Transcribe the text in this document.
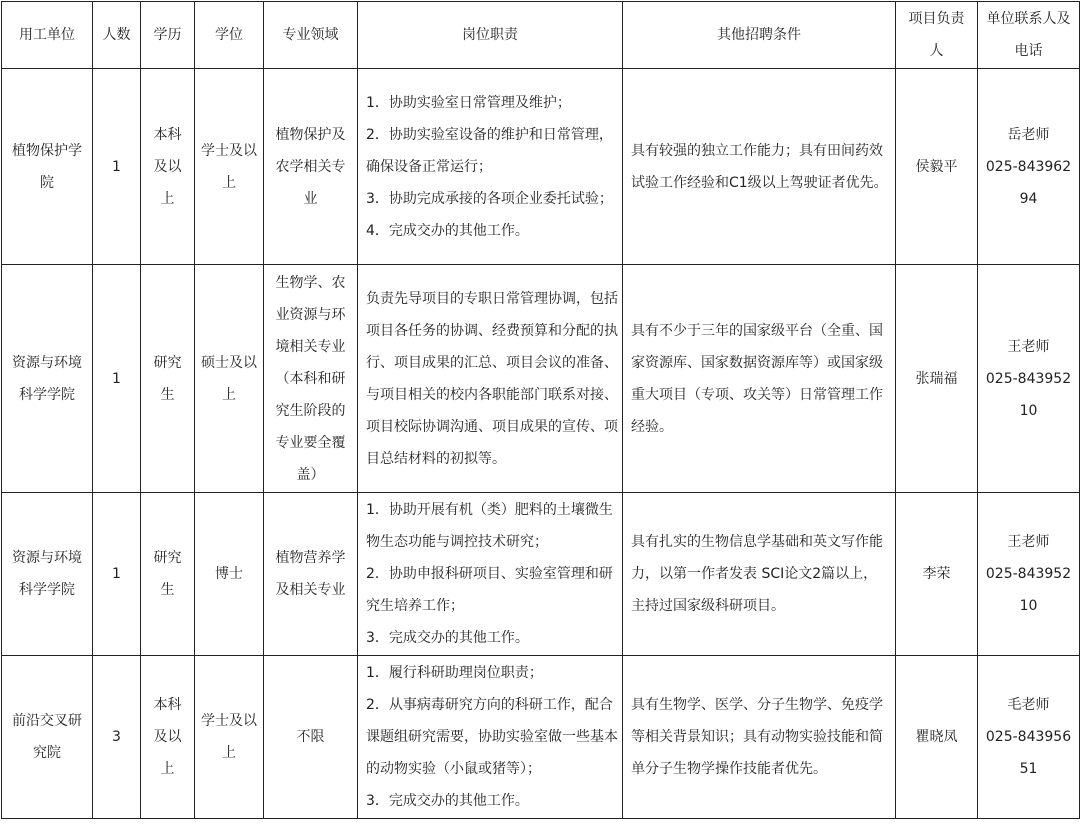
用工单位	人数	学历	学位	专业领域	岗位职责	其他招聘条件	项目负责人	单位联系人及电话
植物保护学院	1	本科及以上	学士及以上	植物保护及农学相关专业	1．协助实验室日常管理及维护；
2．协助实验室设备的维护和日常管理，确保设备正常运行；
3．协助完成承接的各项企业委托试验；
4．完成交办的其他工作。	具有较强的独立工作能力；具有田间药效试验工作经验和C1级以上驾驶证者优先。	侯毅平	岳老师
025-84396294

资源与环境科学学院	1	研究生	硕士及以上	生物学、农业资源与环境相关专业（本科和研究生阶段的专业要全覆盖）	负责先导项目的专职日常管理协调，包括项目各任务的协调、经费预算和分配的执行、项目成果的汇总、项目会议的准备、与项目相关的校内各职能部门联系对接、项目校际协调沟通、项目成果的宣传、项目总结材料的初拟等。	具有不少于三年的国家级平台（全重、国家资源库、国家数据资源库等）或国家级重大项目（专项、攻关等）日常管理工作经验。	张瑞福	王老师
025-84395210

资源与环境科学学院	1	研究生	博士	植物营养学及相关专业	1．协助开展有机（类）肥料的土壤微生物生态功能与调控技术研究；
2．协助申报科研项目、实验室管理和研究生培养工作；
3．完成交办的其他工作。	具有扎实的生物信息学基础和英文写作能力，以第一作者发表 SCI论文2篇以上，主持过国家级科研项目。	李荣	王老师
025-84395210

前沿交叉研究院	3	本科及以上	学士及以上	不限	1．履行科研助理岗位职责；
2．从事病毒研究方向的科研工作，配合课题组研究需要，协助实验室做一些基本的动物实验（小鼠或猪等）；
3．完成交办的其他工作。	具有生物学、医学、分子生物学、免疫学等相关背景知识；具有动物实验技能和简单分子生物学操作技能者优先。	瞿晓凤	毛老师
025-84395651
